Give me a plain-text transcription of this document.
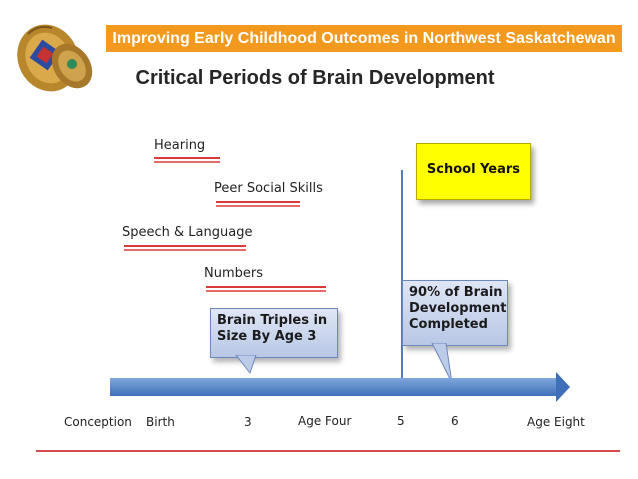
Improving Early Childhood Outcomes in Northwest Saskatchewan
Critical Periods of Brain Development
Hearing
Peer Social Skills
Speech & Language
Numbers
School Years
Brain Triples in
Size By Age 3
90% of Brain
Development
Completed
Conception Birth	3	Age Four	5	6	Age Eight
